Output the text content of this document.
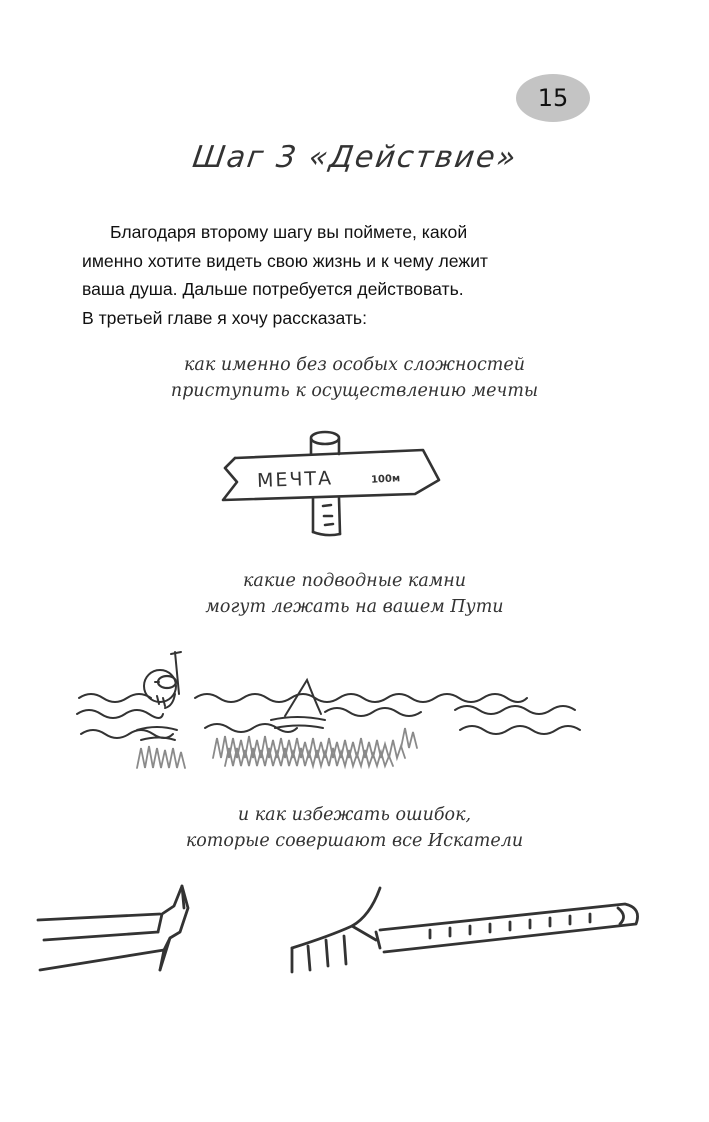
15
Шаг 3 «Действие»
Благодаря второму шагу вы поймете, какой
именно хотите видеть свою жизнь и к чему лежит
ваша душа. Дальше потребуется действовать.
В третьей главе я хочу рассказать:
как именно без особых сложностей
приступить к осуществлению мечты
МЕЧТА	100м
какие подводные камни
могут лежать на вашем Пути
и как избежать ошибок,
которые совершают все Искатели
